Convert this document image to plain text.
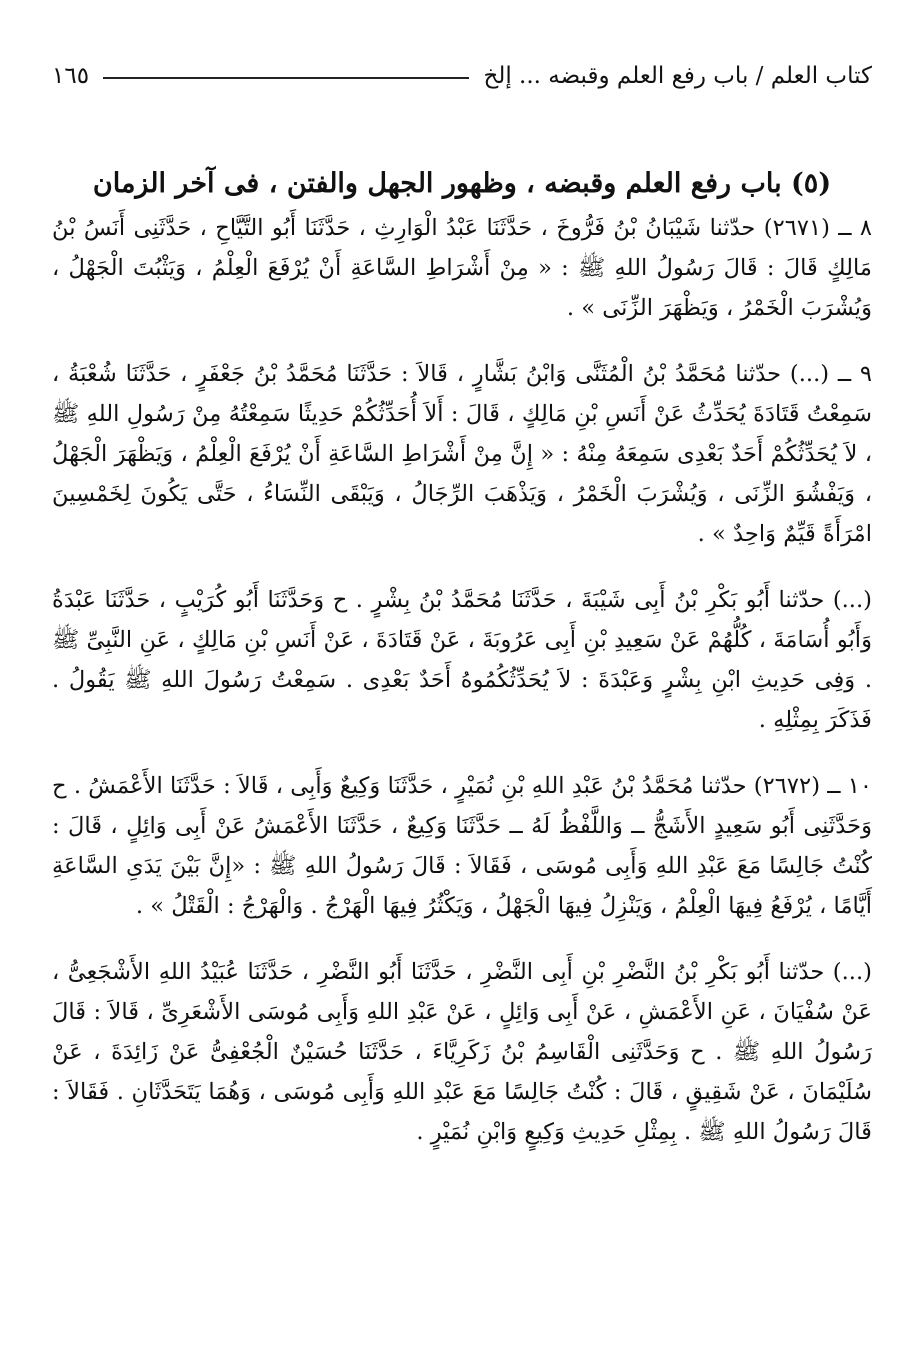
كتاب العلم / باب رفع العلم وقبضه ... إلخ
١٦٥
(٥) باب رفع العلم وقبضه ، وظهور الجهل والفتن ، فى آخر الزمان

٨ ــ (٢٦٧١) حدّثنا شَيْبَانُ بْنُ فَرُّوخَ ، حَدَّثَنَا عَبْدُ الْوَارِثِ ، حَدَّثَنَا أَبُو التَّيَّاحِ ، حَدَّثَنِى أَنَسُ بْنُ مَالِكٍ قَالَ : قَالَ رَسُولُ اللهِ ﷺ : « مِنْ أَشْرَاطِ السَّاعَةِ أَنْ يُرْفَعَ الْعِلْمُ ، وَيَثْبُتَ الْجَهْلُ ، وَيُشْرَبَ الْخَمْرُ ، وَيَظْهَرَ الزِّنَى » .

٩ ــ (...) حدّثنا مُحَمَّدُ بْنُ الْمُثَنَّى وَابْنُ بَشَّارٍ ، قَالاَ : حَدَّثَنَا مُحَمَّدُ بْنُ جَعْفَرٍ ، حَدَّثَنَا شُعْبَةُ ، سَمِعْتُ قَتَادَةَ يُحَدِّثُ عَنْ أَنَسِ بْنِ مَالِكٍ ، قَالَ : أَلاَ أُحَدِّثُكُمْ حَدِيثًا سَمِعْتُهُ مِنْ رَسُولِ اللهِ ﷺ ، لاَ يُحَدِّثُكُمْ أَحَدٌ بَعْدِى سَمِعَهُ مِنْهُ : « إِنَّ مِنْ أَشْرَاطِ السَّاعَةِ أَنْ يُرْفَعَ الْعِلْمُ ، وَيَظْهَرَ الْجَهْلُ ، وَيَفْشُوَ الزِّنَى ، وَيُشْرَبَ الْخَمْرُ ، وَيَذْهَبَ الرِّجَالُ ، وَيَبْقَى النِّسَاءُ ، حَتَّى يَكُونَ لِخَمْسِينَ امْرَأَةً قَيِّمٌ وَاحِدٌ » .

(...) حدّثنا أَبُو بَكْرِ بْنُ أَبِى شَيْبَةَ ، حَدَّثَنَا مُحَمَّدُ بْنُ بِشْرٍ . ح وَحَدَّثَنَا أَبُو كُرَيْبٍ ، حَدَّثَنَا عَبْدَةُ وَأَبُو أُسَامَةَ ، كُلُّهُمْ عَنْ سَعِيدِ بْنِ أَبِى عَرُوبَةَ ، عَنْ قَتَادَةَ ، عَنْ أَنَسِ بْنِ مَالِكٍ ، عَنِ النَّبِىِّ ﷺ . وَفِى حَدِيثِ ابْنِ بِشْرٍ وَعَبْدَةَ : لاَ يُحَدِّثُكُمُوهُ أَحَدٌ بَعْدِى . سَمِعْتُ رَسُولَ اللهِ ﷺ يَقُولُ . فَذَكَرَ بِمِثْلِهِ .

١٠ ــ (٢٦٧٢) حدّثنا مُحَمَّدُ بْنُ عَبْدِ اللهِ بْنِ نُمَيْرٍ ، حَدَّثَنَا وَكِيعٌ وَأَبِى ، قَالاَ : حَدَّثَنَا الأَعْمَشُ . ح وَحَدَّثَنِى أَبُو سَعِيدٍ الأَشَجُّ ــ وَاللَّفْظُ لَهُ ــ حَدَّثَنَا وَكِيعٌ ، حَدَّثَنَا الأَعْمَشُ عَنْ أَبِى وَائِلٍ ، قَالَ : كُنْتُ جَالِسًا مَعَ عَبْدِ اللهِ وَأَبِى مُوسَى ، فَقَالاَ : قَالَ رَسُولُ اللهِ ﷺ : «إِنَّ بَيْنَ يَدَىِ السَّاعَةِ أَيَّامًا ، يُرْفَعُ فِيهَا الْعِلْمُ ، وَيَنْزِلُ فِيهَا الْجَهْلُ ، وَيَكْثُرُ فِيهَا الْهَرْجُ . وَالْهَرْجُ : الْقَتْلُ » .

(...) حدّثنا أَبُو بَكْرِ بْنُ النَّضْرِ بْنِ أَبِى النَّضْرِ ، حَدَّثَنَا أَبُو النَّضْرِ ، حَدَّثَنَا عُبَيْدُ اللهِ الأَشْجَعِىُّ ، عَنْ سُفْيَانَ ، عَنِ الأَعْمَشِ ، عَنْ أَبِى وَائِلٍ ، عَنْ عَبْدِ اللهِ وَأَبِى مُوسَى الأَشْعَرِىِّ ، قَالاَ : قَالَ رَسُولُ اللهِ ﷺ . ح وَحَدَّثَنِى الْقَاسِمُ بْنُ زَكَرِيَّاءَ ، حَدَّثَنَا حُسَيْنٌ الْجُعْفِىُّ عَنْ زَائِدَةَ ، عَنْ سُلَيْمَانَ ، عَنْ شَقِيقٍ ، قَالَ : كُنْتُ جَالِسًا مَعَ عَبْدِ اللهِ وَأَبِى مُوسَى ، وَهُمَا يَتَحَدَّثَانِ . فَقَالاَ : قَالَ رَسُولُ اللهِ ﷺ . بِمِثْلِ حَدِيثِ وَكِيعٍ وَابْنِ نُمَيْرٍ .
